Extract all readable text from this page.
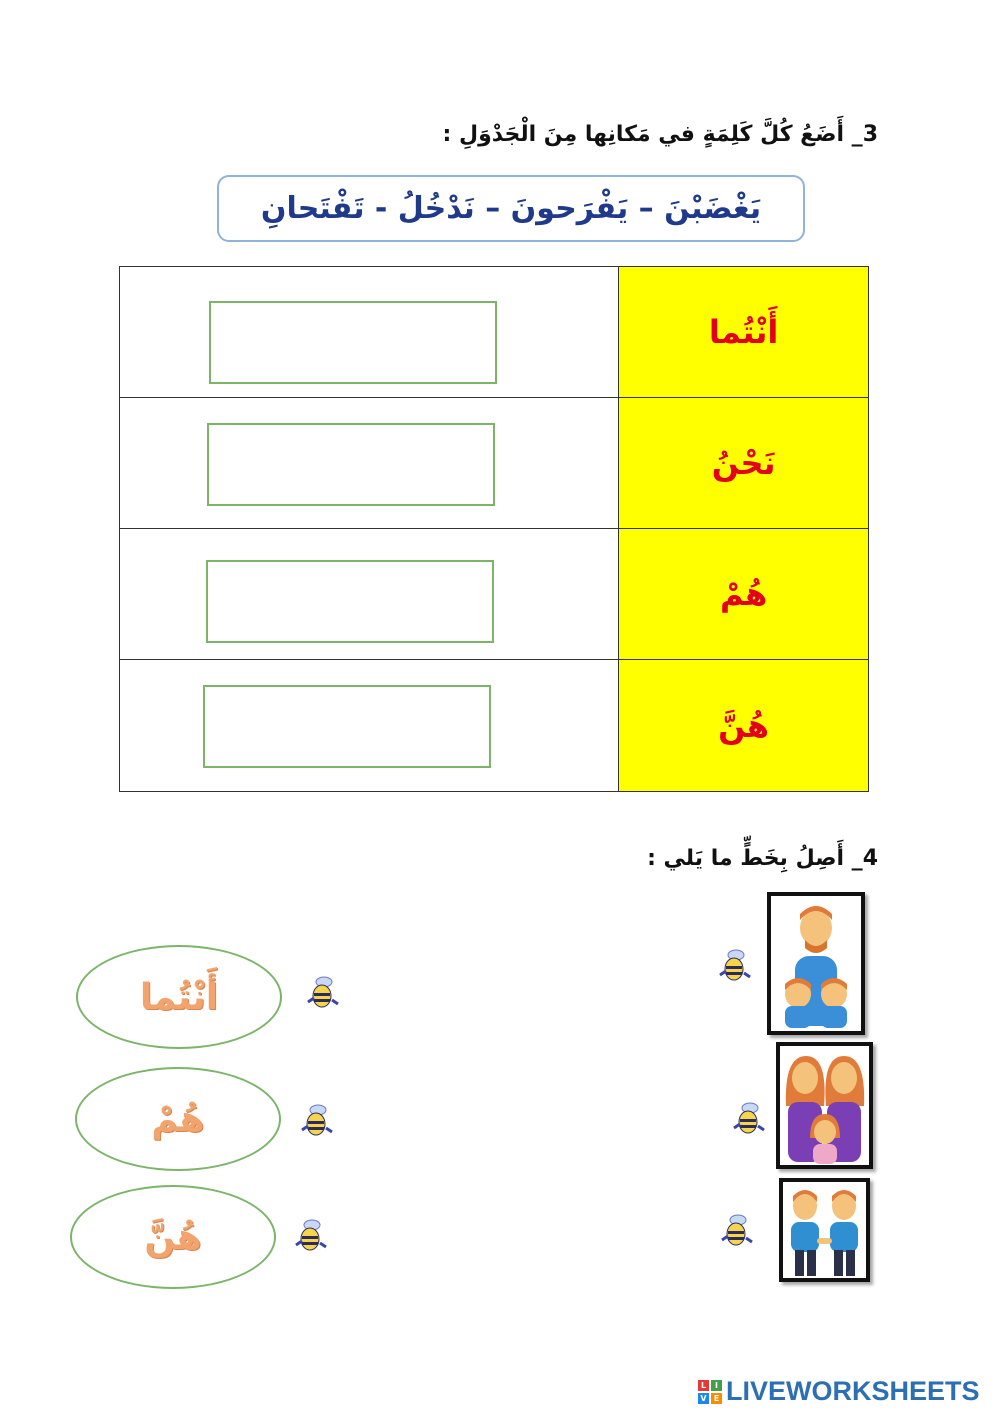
3_ أَضَعُ كُلَّ كَلِمَةٍ في مَكانِها مِنَ الْجَدْوَلِ :
يَغْضَبْنَ – يَفْرَحونَ – نَدْخُلُ - تَفْتَحانِ
	أَنْتُما

	نَحْنُ

	هُمْ

	هُنَّ
4_ أَصِلُ بِخَطٍّ ما يَلي :
أَنْتُما
هُمْ
هُنَّ
L	I
V E LIVEWORKSHEETS
